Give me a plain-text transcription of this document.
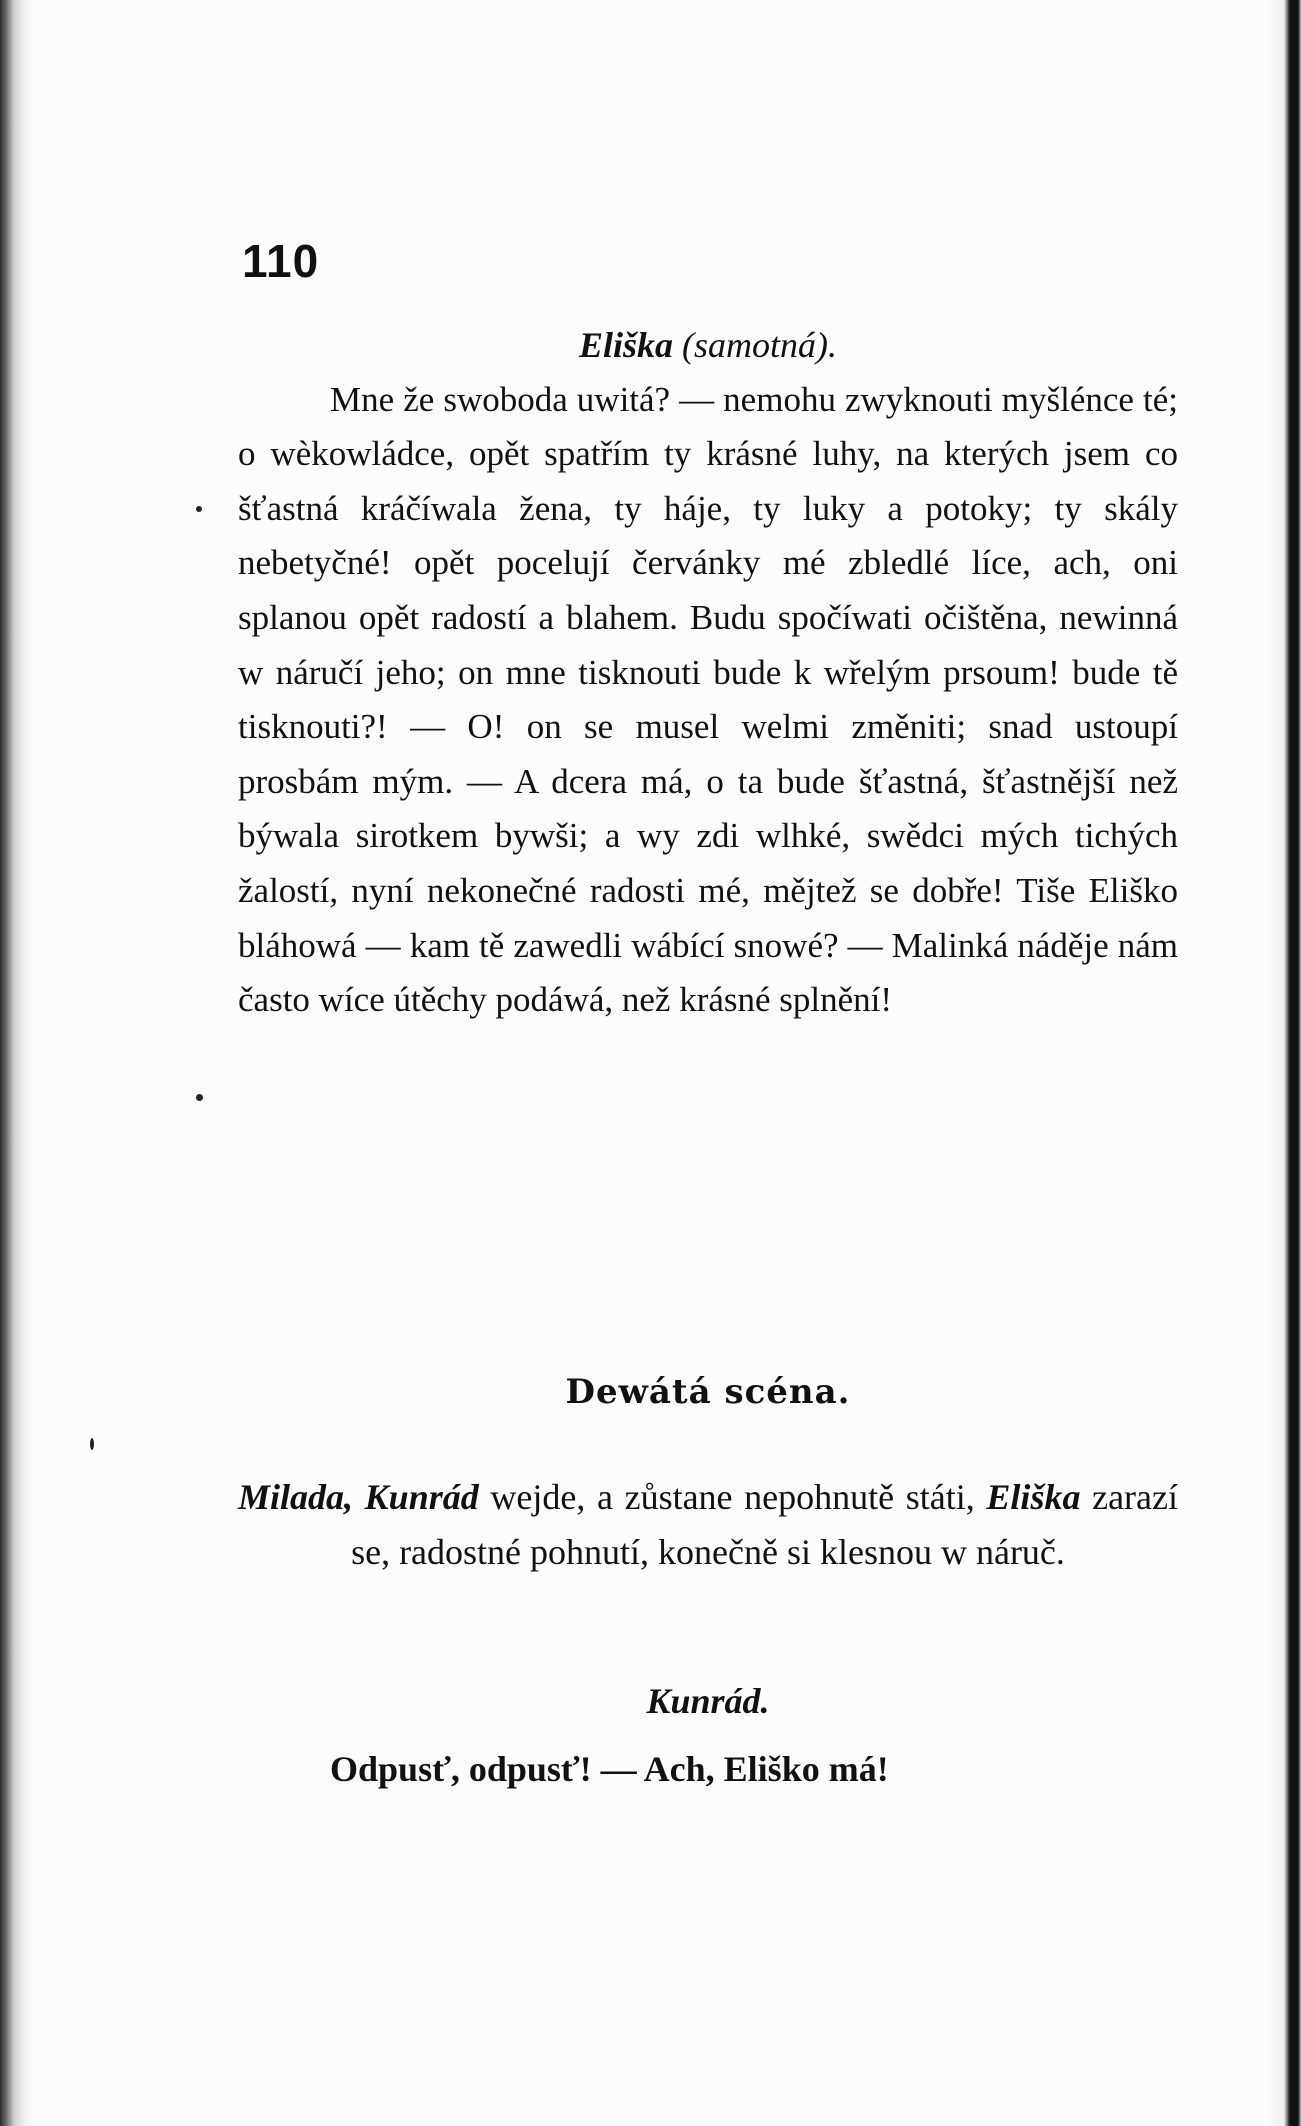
110
Eliška (samotná).

Mne že swoboda uwitá? — nemohu zwyknouti myšlénce té; o wèkowládce, opět spatřím ty krásné luhy, na kterých jsem co šťastná kráčíwala žena, ty háje, ty luky a potoky; ty skály nebetyčné! opět pocelují červánky mé zbledlé líce, ach, oni splanou opět radostí a blahem. Budu spočíwati očištěna, newinná w náručí jeho; on mne tisknouti bude k wřelým prsoum! bude tě tisknouti?! — O! on se musel welmi změniti; snad ustoupí prosbám mým. — A dcera má, o ta bude šťastná, šťastnější než býwala sirotkem bywši; a wy zdi wlhké, swědci mých tichých žalostí, nyní nekonečné radosti mé, mějtež se dobře! Tiše Eliško bláhowá — kam tě zawedli wábící snowé? — Malinká náděje nám často wíce útěchy podáwá, než krásné splnění!

Dewátá scéna.

Milada, Kunrád wejde, a zůstane nepohnutě státi, Eliška zarazí se, radostné pohnutí, konečně si klesnou w náruč.

Kunrád.

Odpusť, odpusť! — Ach, Eliško má!
